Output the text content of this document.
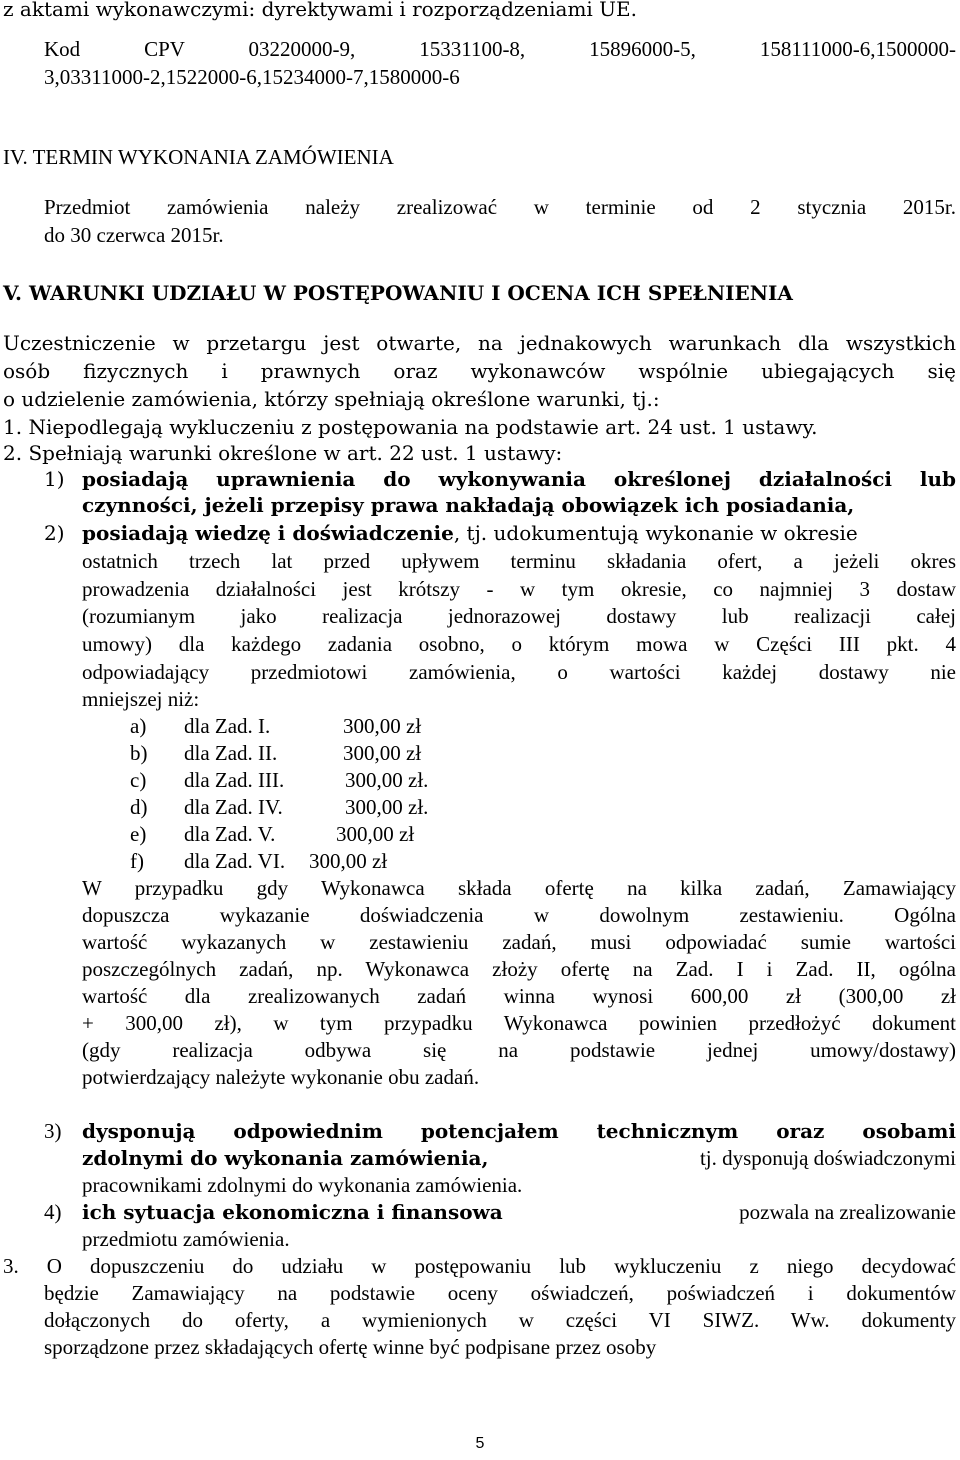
z aktami wykonawczymi: dyrektywami i rozporządzeniami UE.
Kod CPV 03220000-9, 15331100-8, 15896000-5, 158111000-6,1500000-
3,03311000-2,1522000-6,15234000-7,1580000-6
IV. TERMIN WYKONANIA ZAMÓWIENIA
Przedmiot zamówienia należy zrealizować w terminie od 2 stycznia 2015r.
do 30 czerwca 2015r.
V. WARUNKI UDZIAŁU W POSTĘPOWANIU I OCENA ICH SPEŁNIENIA
Uczestniczenie w przetargu jest otwarte, na jednakowych warunkach dla wszystkich
osób fizycznych i prawnych oraz wykonawców wspólnie ubiegających się
o udzielenie zamówienia, którzy spełniają określone warunki, tj.:
1. Niepodlegają wykluczeniu z postępowania na podstawie art. 24 ust. 1 ustawy.
2. Spełniają warunki określone w art. 22 ust. 1 ustawy:
1) posiadają uprawnienia do wykonywania określonej działalności lub
czynności, jeżeli przepisy prawa nakładają obowiązek ich posiadania,
2) posiadają wiedzę i doświadczenie , tj. udokumentują wykonanie w okresie
ostatnich trzech lat przed upływem terminu składania ofert, a jeżeli okres
prowadzenia działalności jest krótszy - w tym okresie, co najmniej 3 dostaw
(rozumianym jako realizacja jednorazowej dostawy lub realizacji całej
umowy) dla każdego zadania osobno, o którym mowa w Części III pkt. 4
odpowiadający przedmiotowi zamówienia, o wartości każdej dostawy nie
mniejszej niż:
a) dla Zad. I.	300,00 zł
b) dla Zad. II.	300,00 zł
c) dla Zad. III.	300,00 zł.
d) dla Zad. IV.	300,00 zł.
e) dla Zad. V.	300,00 zł
f) dla Zad. VI. 300,00 zł
W przypadku gdy Wykonawca składa ofertę na kilka zadań, Zamawiający
dopuszcza wykazanie doświadczenia w dowolnym zestawieniu. Ogólna
wartość wykazanych w zestawieniu zadań, musi odpowiadać sumie wartości
poszczególnych zadań, np. Wykonawca złoży ofertę na Zad. I i Zad. II, ogólna
wartość dla zrealizowanych zadań winna wynosi 600,00 zł (300,00 zł
+ 300,00 zł), w tym przypadku Wykonawca powinien przedłożyć dokument
(gdy realizacja odbywa się na podstawie jednej umowy/dostawy)
potwierdzający należyte wykonanie obu zadań.
3) dysponują odpowiednim potencjałem technicznym oraz osobami
zdolnymi do wykonania zamówienia,	tj. dysponują doświadczonymi
pracownikami zdolnymi do wykonania zamówienia.
4) ich sytuacja ekonomiczna i finansowa	pozwala na zrealizowanie
przedmiotu zamówienia.
3. O dopuszczeniu do udziału w postępowaniu lub wykluczeniu z niego decydować
będzie Zamawiający na podstawie oceny oświadczeń, poświadczeń i dokumentów
dołączonych do oferty, a wymienionych w części VI SIWZ. Ww. dokumenty
sporządzone przez składających ofertę winne być podpisane przez osoby
5
